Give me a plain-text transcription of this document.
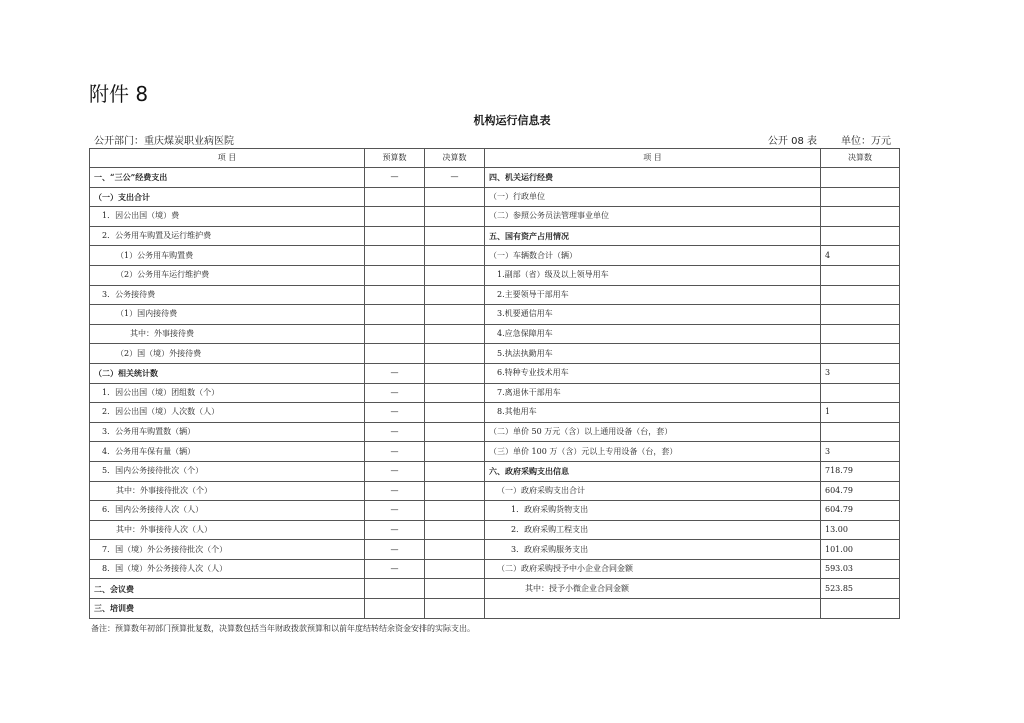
附件 8
机构运行信息表
公开部门：重庆煤炭职业病医院	公开 08 表 单位：万元
项 目	预算数	决算数	项 目	决算数
一、“三公”经费支出	—	—	四、机关运行经费	
（一）支出合计			（一）行政单位	
1．因公出国（境）费			（二）参照公务员法管理事业单位	
2．公务用车购置及运行维护费			五、国有资产占用情况	
（1）公务用车购置费			（一）车辆数合计（辆）	4
（2）公务用车运行维护费			1.副部（省）级及以上领导用车	
3．公务接待费			2.主要领导干部用车	
（1）国内接待费			3.机要通信用车	
其中：外事接待费			4.应急保障用车	
（2）国（境）外接待费			5.执法执勤用车	
（二）相关统计数	—		6.特种专业技术用车	3
1．因公出国（境）团组数（个）	—		7.离退休干部用车	
2．因公出国（境）人次数（人）	—		8.其他用车	1
3．公务用车购置数（辆）	—		（二）单价 50 万元（含）以上通用设备（台，套）	
4．公务用车保有量（辆）	—		（三）单价 100 万（含）元以上专用设备（台，套）	3
5．国内公务接待批次（个）	—		六、政府采购支出信息	718.79
其中：外事接待批次（个）	—		（一）政府采购支出合计	604.79
6．国内公务接待人次（人）	—		1．政府采购货物支出	604.79
其中：外事接待人次（人）	—		2．政府采购工程支出	13.00
7．国（境）外公务接待批次（个）	—		3．政府采购服务支出	101.00
8．国（境）外公务接待人次（人）	—		（二）政府采购授予中小企业合同金额	593.03
二、会议费			其中：授予小微企业合同金额	523.85
三、培训费				
备注：预算数年初部门预算批复数，决算数包括当年财政拨款预算和以前年度结转结余资金安排的实际支出。
